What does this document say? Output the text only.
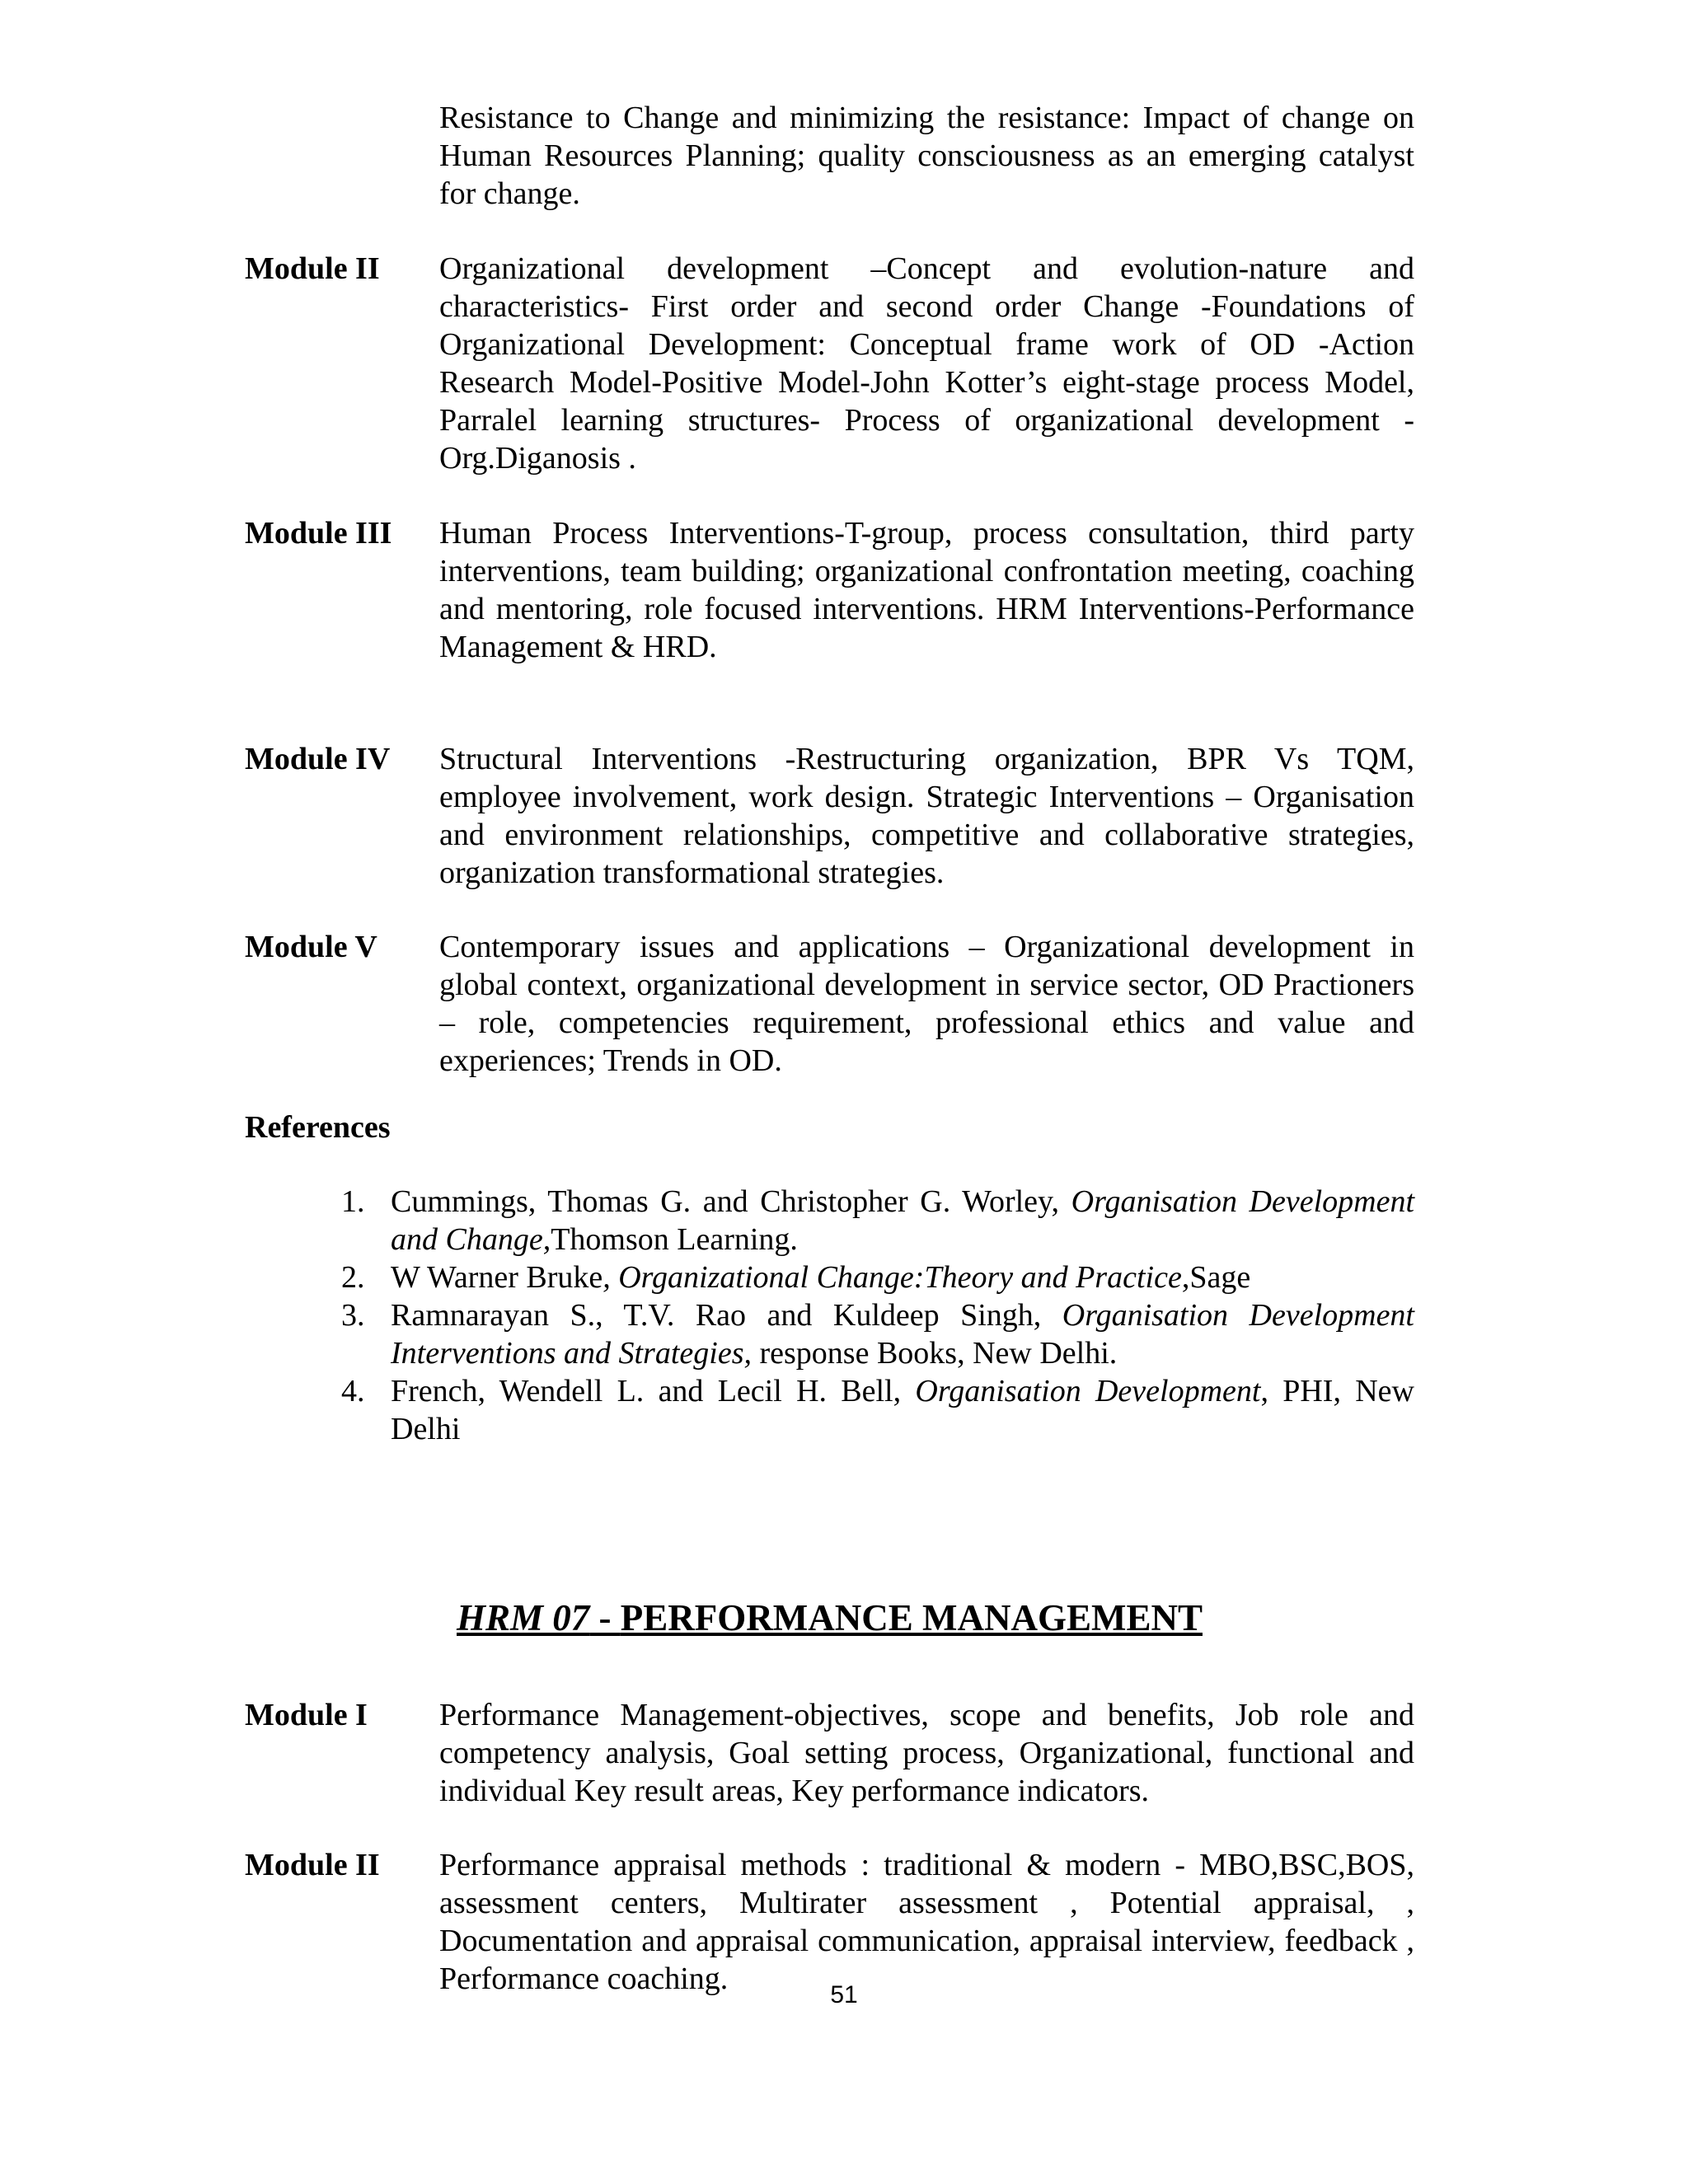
Resistance to Change and minimizing the resistance: Impact of change on Human Resources Planning; quality consciousness as an emerging catalyst for change.
Module II	Organizational development –Concept and evolution-nature and characteristics- First order and second order Change -Foundations of Organizational Development: Conceptual frame work of OD -Action Research Model-Positive Model-John Kotter’s eight-stage process Model, Parralel learning structures- Process of organizational development -Org.Diganosis .
Module III	Human Process Interventions-T-group, process consultation, third party interventions, team building; organizational confrontation meeting, coaching and mentoring, role focused interventions. HRM Interventions-Performance Management & HRD.
Module IV	Structural Interventions -Restructuring organization, BPR Vs TQM, employee involvement, work design. Strategic Interventions – Organisation and environment relationships, competitive and collaborative strategies, organization transformational strategies.
Module V	Contemporary issues and applications – Organizational development in global context, organizational development in service sector, OD Practioners – role, competencies requirement, professional ethics and value and experiences; Trends in OD.
References
1. Cummings, Thomas G. and Christopher G. Worley, Organisation Development and Change,Thomson Learning.
2. W Warner Bruke, Organizational Change:Theory and Practice,Sage
3. Ramnarayan S., T.V. Rao and Kuldeep Singh, Organisation Development Interventions and Strategies, response Books, New Delhi.
4. French, Wendell L. and Lecil H. Bell, Organisation Development, PHI, New Delhi
HRM 07 - PERFORMANCE MANAGEMENT
Module I	Performance Management-objectives, scope and benefits, Job role and competency analysis, Goal setting process, Organizational, functional and individual Key result areas, Key performance indicators.
Module II	Performance appraisal methods : traditional & modern - MBO,BSC,BOS, assessment centers, Multirater assessment , Potential appraisal, , Documentation and appraisal communication, appraisal interview, feedback , Performance coaching.	51
